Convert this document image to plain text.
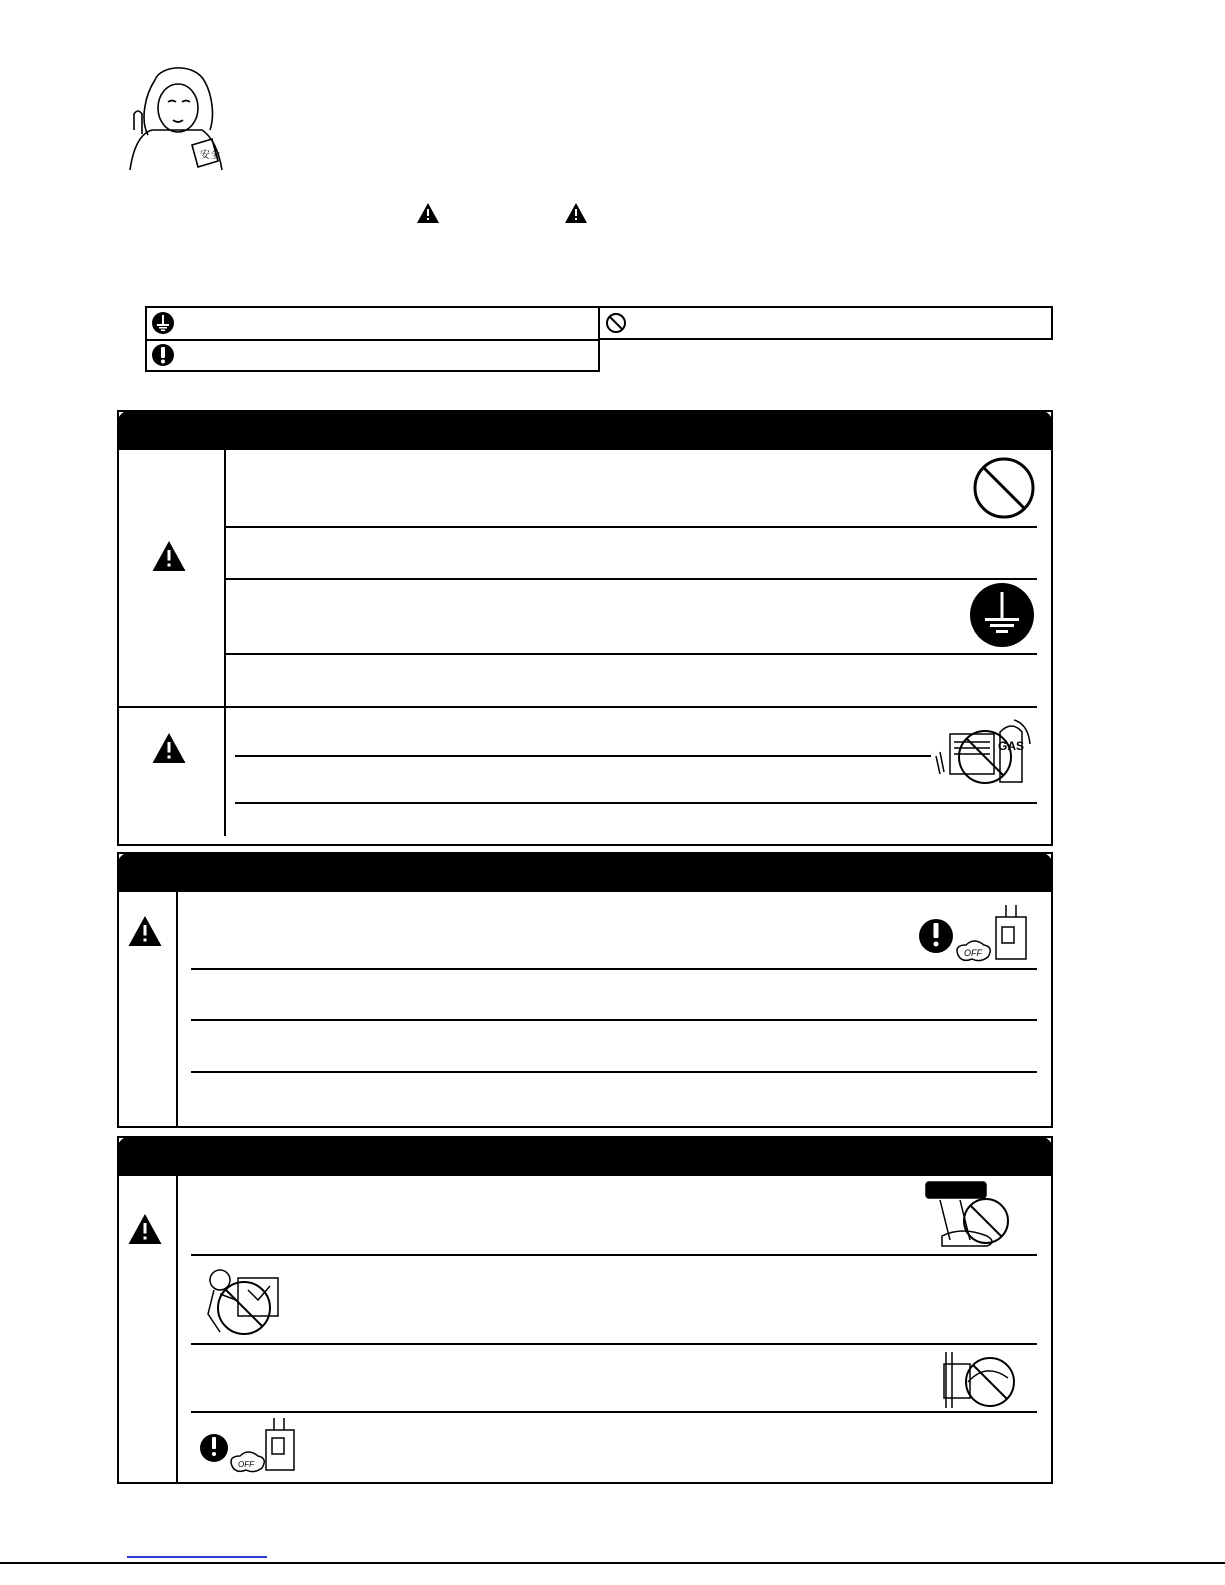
安全
GAS
OFF
OFF
